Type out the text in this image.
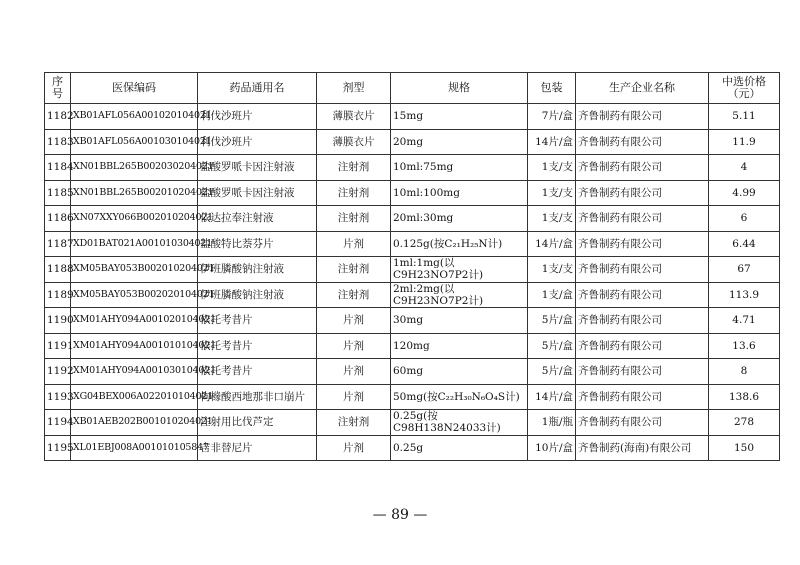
序号	医保编码	药品通用名	剂型	规格	包装	生产企业名称	中选价格（元）
1182	XB01AFL056A001020104021	利伐沙班片	薄膜衣片	15mg	7片/盒	齐鲁制药有限公司	5.11
1183	XB01AFL056A001030104021	利伐沙班片	薄膜衣片	20mg	14片/盒	齐鲁制药有限公司	11.9
1184	XN01BBL265B002030204021	盐酸罗哌卡因注射液	注射剂	10ml:75mg	1支/支	齐鲁制药有限公司	4
1185	XN01BBL265B002010204021	盐酸罗哌卡因注射液	注射剂	10ml:100mg	1支/支	齐鲁制药有限公司	4.99
1186	XN07XXY066B002010204021	依达拉奉注射液	注射剂	20ml:30mg	1支/支	齐鲁制药有限公司	6
1187	XD01BAT021A001010304021	盐酸特比萘芬片	片剂	0.125g(按C₂₁H₂₅N计)	14片/盒	齐鲁制药有限公司	6.44
1188	XM05BAY053B002010204021	伊班膦酸钠注射液	注射剂	1ml:1mg(以C9H23NO7P2计)	1支/支	齐鲁制药有限公司	67
1189	XM05BAY053B002020104021	伊班膦酸钠注射液	注射剂	2ml:2mg(以C9H23NO7P2计)	1支/盒	齐鲁制药有限公司	113.9
1190	XM01AHY094A001020104021	依托考昔片	片剂	30mg	5片/盒	齐鲁制药有限公司	4.71
1191	XM01AHY094A001010104021	依托考昔片	片剂	120mg	5片/盒	齐鲁制药有限公司	13.6
1192	XM01AHY094A001030104021	依托考昔片	片剂	60mg	5片/盒	齐鲁制药有限公司	8
1193	XG04BEX006A022010104021	枸橼酸西地那非口崩片	片剂	50mg(按C₂₂H₃₀N₆O₄S计)	14片/盒	齐鲁制药有限公司	138.6
1194	XB01AEB202B001010204021	注射用比伐芦定	注射剂	0.25g(按C98H138N24033计)	1瓶/瓶	齐鲁制药有限公司	278
1195	XL01EBJ008A001010105847	吉非替尼片	片剂	0.25g	10片/盒	齐鲁制药(海南)有限公司	150
— 89 —
